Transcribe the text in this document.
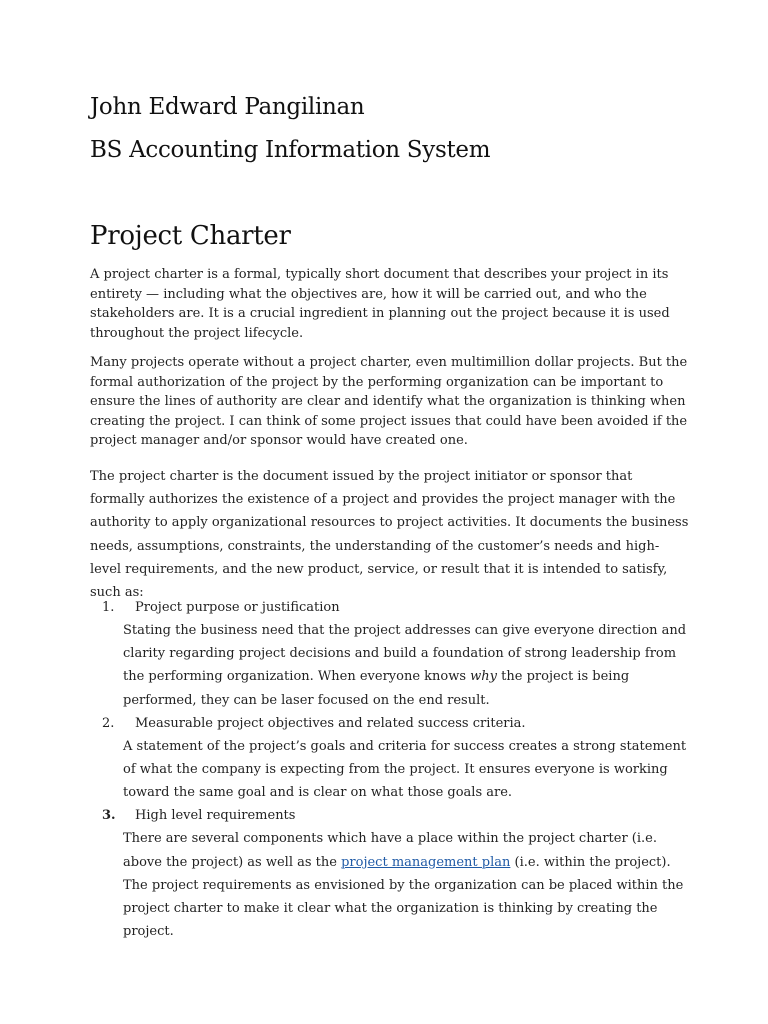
John Edward Pangilinan
BS Accounting Information System
Project Charter

A project charter is a formal, typically short document that describes your project in its entirety — including what the objectives are, how it will be carried out, and who the stakeholders are. It is a crucial ingredient in planning out the project because it is used throughout the project lifecycle.

Many projects operate without a project charter, even multimillion dollar projects. But the formal authorization of the project by the performing organization can be important to ensure the lines of authority are clear and identify what the organization is thinking when creating the project. I can think of some project issues that could have been avoided if the project manager and/or sponsor would have created one.

The project charter is the document issued by the project initiator or sponsor that formally authorizes the existence of a project and provides the project manager with the authority to apply organizational resources to project activities. It documents the business needs, assumptions, constraints, the understanding of the customer’s needs and high-level requirements, and the new product, service, or result that it is intended to satisfy, such as:

1.	Project purpose or justification

Stating the business need that the project addresses can give everyone direction and clarity regarding project decisions and build a foundation of strong leadership from the performing organization. When everyone knows why the project is being performed, they can be laser focused on the end result.

2.	Measurable project objectives and related success criteria.

A statement of the project’s goals and criteria for success creates a strong statement of what the company is expecting from the project. It ensures everyone is working toward the same goal and is clear on what those goals are.

3.	High level requirements

There are several components which have a place within the project charter (i.e. above the project) as well as the project management plan (i.e. within the project). The project requirements as envisioned by the organization can be placed within the project charter to make it clear what the organization is thinking by creating the project.
